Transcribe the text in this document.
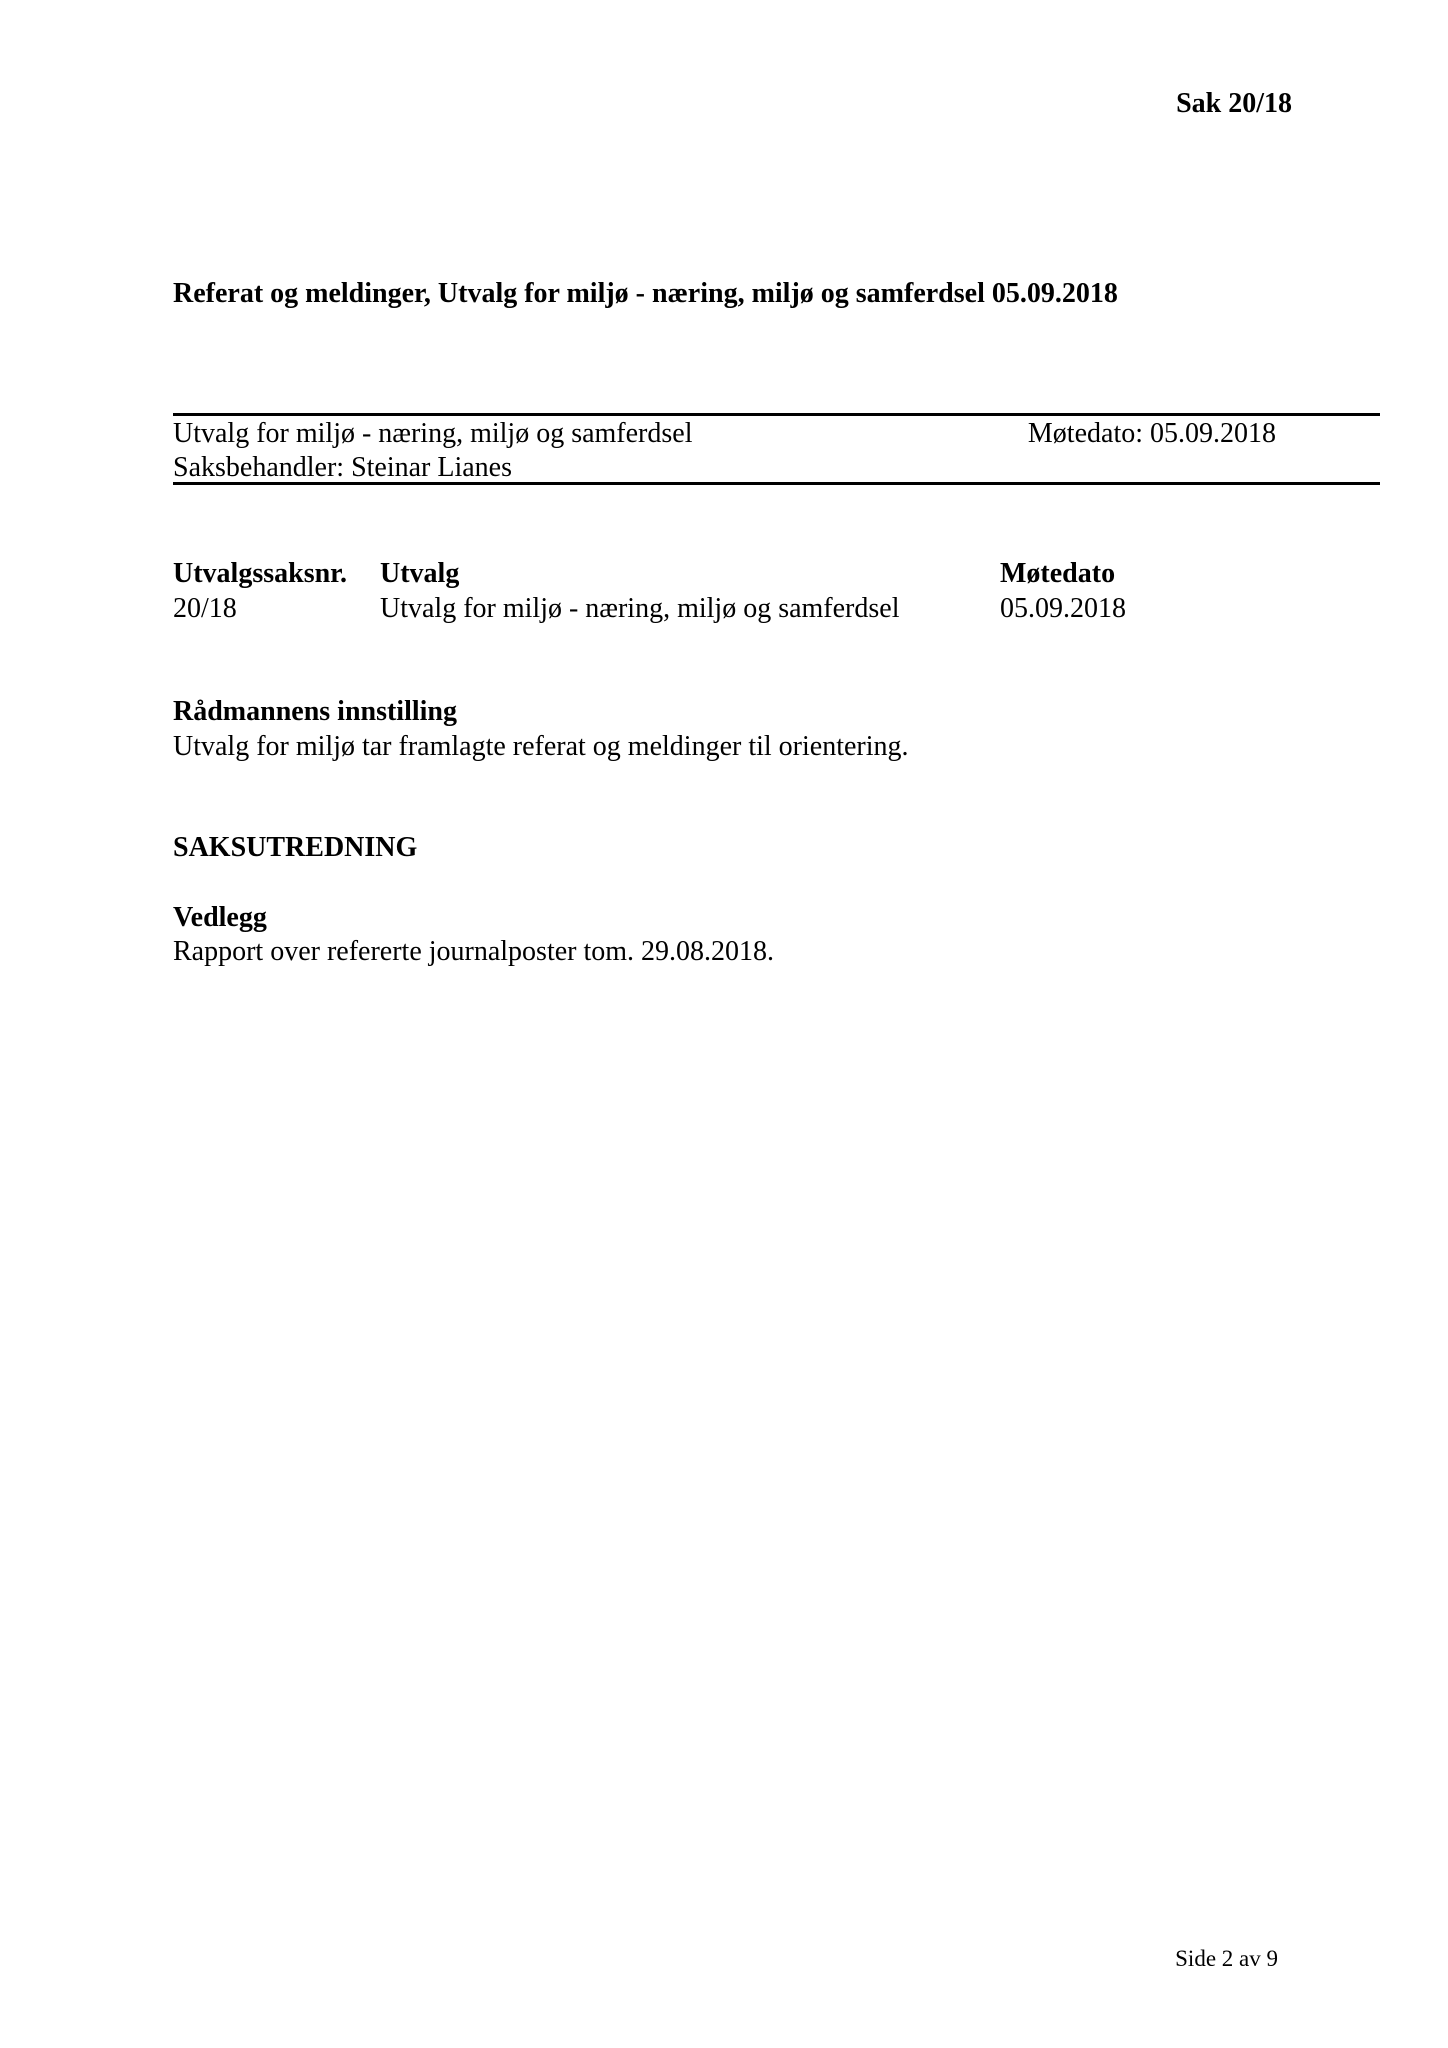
Sak 20/18
Referat og meldinger, Utvalg for miljø - næring, miljø og samferdsel 05.09.2018
Utvalg for miljø - næring, miljø og samferdsel	Møtedato: 05.09.2018
Saksbehandler: Steinar Lianes
Utvalgssaksnr.	Utvalg	Møtedato
20/18	Utvalg for miljø - næring, miljø og samferdsel	05.09.2018
Rådmannens innstilling
Utvalg for miljø tar framlagte referat og meldinger til orientering.
SAKSUTREDNING
Vedlegg
Rapport over refererte journalposter tom. 29.08.2018.
Side 2 av 9
